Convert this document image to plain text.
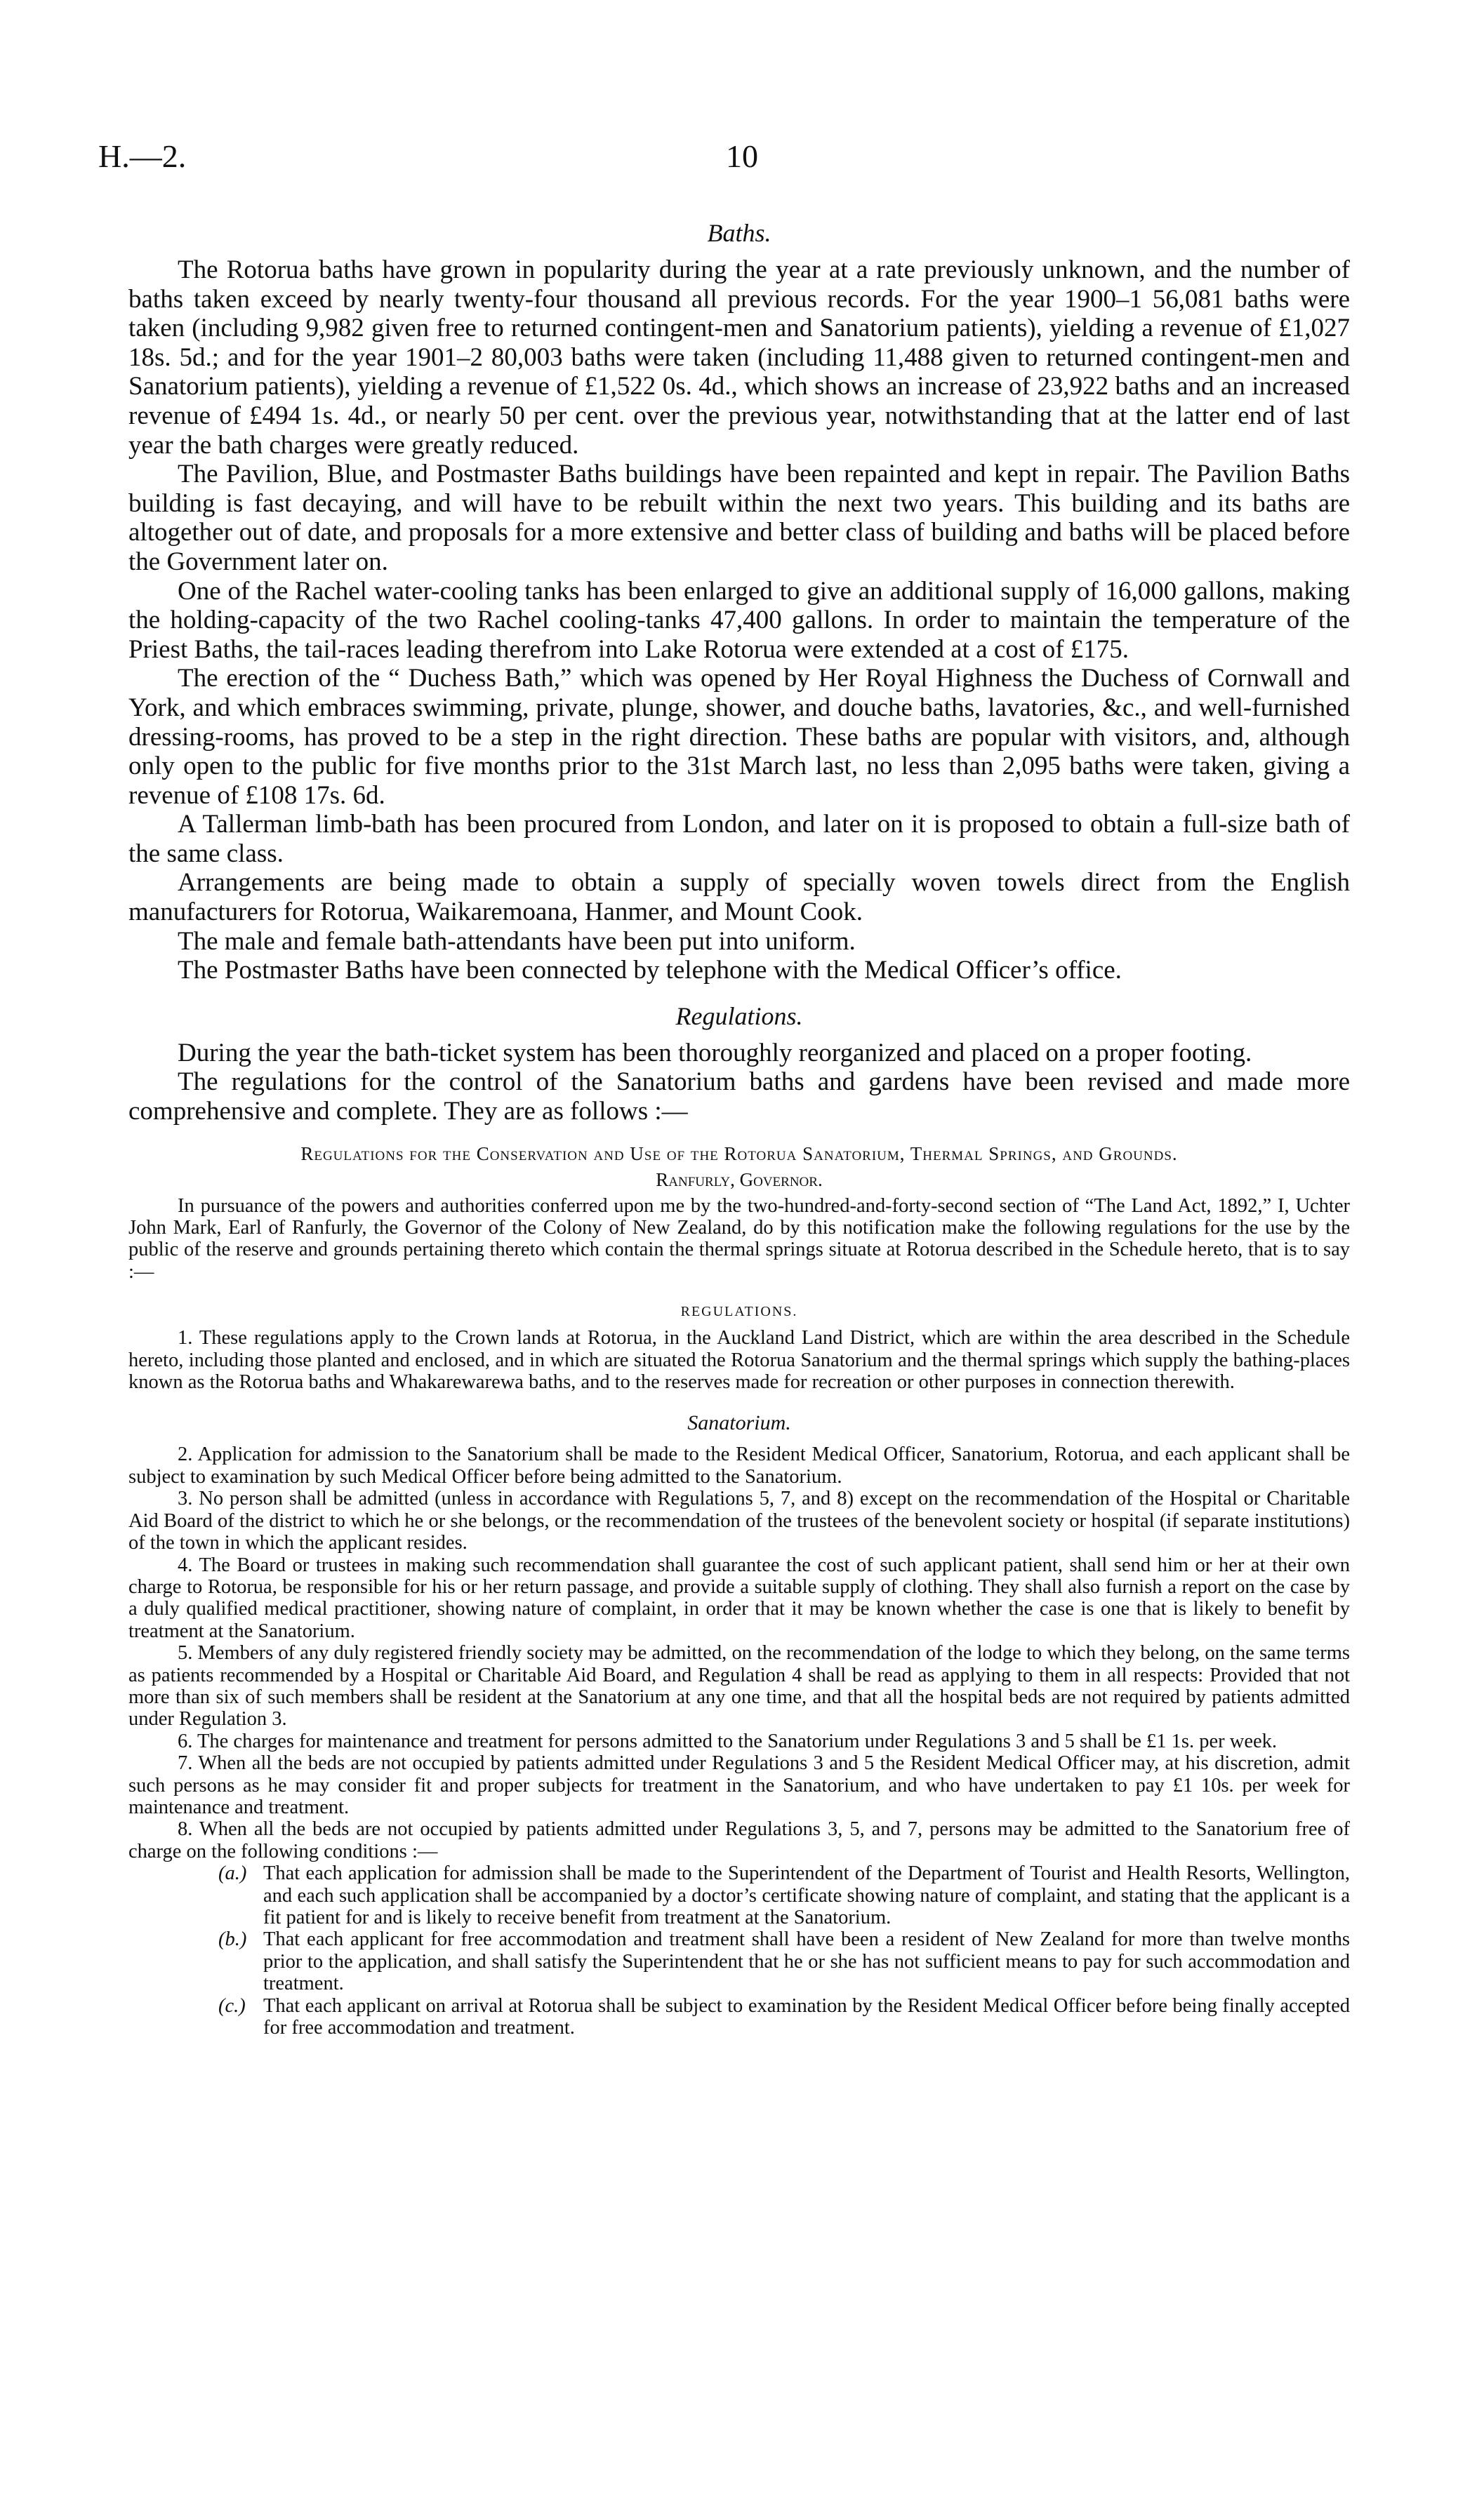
H.—2.	10
Baths.

The Rotorua baths have grown in popularity during the year at a rate previously unknown, and the number of baths taken exceed by nearly twenty-four thousand all previous records. For the year 1900–1 56,081 baths were taken (including 9,982 given free to returned contingent-men and Sanatorium patients), yielding a revenue of £1,027 18s. 5d.; and for the year 1901–2 80,003 baths were taken (including 11,488 given to returned contingent-men and Sanatorium patients), yielding a revenue of £1,522 0s. 4d., which shows an increase of 23,922 baths and an increased revenue of £494 1s. 4d., or nearly 50 per cent. over the previous year, notwithstanding that at the latter end of last year the bath charges were greatly reduced.

The Pavilion, Blue, and Postmaster Baths buildings have been repainted and kept in repair. The Pavilion Baths building is fast decaying, and will have to be rebuilt within the next two years. This building and its baths are altogether out of date, and proposals for a more extensive and better class of building and baths will be placed before the Government later on.

One of the Rachel water-cooling tanks has been enlarged to give an additional supply of 16,000 gallons, making the holding-capacity of the two Rachel cooling-tanks 47,400 gallons. In order to maintain the temperature of the Priest Baths, the tail-races leading therefrom into Lake Rotorua were extended at a cost of £175.

The erection of the “ Duchess Bath,” which was opened by Her Royal Highness the Duchess of Cornwall and York, and which embraces swimming, private, plunge, shower, and douche baths, lavatories, &c., and well-furnished dressing-rooms, has proved to be a step in the right direction. These baths are popular with visitors, and, although only open to the public for five months prior to the 31st March last, no less than 2,095 baths were taken, giving a revenue of £108 17s. 6d.

A Tallerman limb-bath has been procured from London, and later on it is proposed to obtain a full-size bath of the same class.

Arrangements are being made to obtain a supply of specially woven towels direct from the English manufacturers for Rotorua, Waikaremoana, Hanmer, and Mount Cook.

The male and female bath-attendants have been put into uniform.

The Postmaster Baths have been connected by telephone with the Medical Officer’s office.

Regulations.

During the year the bath-ticket system has been thoroughly reorganized and placed on a proper footing.

The regulations for the control of the Sanatorium baths and gardens have been revised and made more comprehensive and complete. They are as follows :—

Regulations for the Conservation and Use of the Rotorua Sanatorium, Thermal Springs, and Grounds.
Ranfurly, Governor.

In pursuance of the powers and authorities conferred upon me by the two-hundred-and-forty-second section of “The Land Act, 1892,” I, Uchter John Mark, Earl of Ranfurly, the Governor of the Colony of New Zealand, do by this notification make the following regulations for the use by the public of the reserve and grounds pertaining thereto which contain the thermal springs situate at Rotorua described in the Schedule hereto, that is to say :—

REGULATIONS.

1. These regulations apply to the Crown lands at Rotorua, in the Auckland Land District, which are within the area described in the Schedule hereto, including those planted and enclosed, and in which are situated the Rotorua Sanatorium and the thermal springs which supply the bathing-places known as the Rotorua baths and Whakarewarewa baths, and to the reserves made for recreation or other purposes in connection therewith.

Sanatorium.

2. Application for admission to the Sanatorium shall be made to the Resident Medical Officer, Sanatorium, Rotorua, and each applicant shall be subject to examination by such Medical Officer before being admitted to the Sanatorium.

3. No person shall be admitted (unless in accordance with Regulations 5, 7, and 8) except on the recommendation of the Hospital or Charitable Aid Board of the district to which he or she belongs, or the recommendation of the trustees of the benevolent society or hospital (if separate institutions) of the town in which the applicant resides.

4. The Board or trustees in making such recommendation shall guarantee the cost of such applicant patient, shall send him or her at their own charge to Rotorua, be responsible for his or her return passage, and provide a suitable supply of clothing. They shall also furnish a report on the case by a duly qualified medical practitioner, showing nature of complaint, in order that it may be known whether the case is one that is likely to benefit by treatment at the Sanatorium.

5. Members of any duly registered friendly society may be admitted, on the recommendation of the lodge to which they belong, on the same terms as patients recommended by a Hospital or Charitable Aid Board, and Regulation 4 shall be read as applying to them in all respects: Provided that not more than six of such members shall be resident at the Sanatorium at any one time, and that all the hospital beds are not required by patients admitted under Regulation 3.

6. The charges for maintenance and treatment for persons admitted to the Sanatorium under Regulations 3 and 5 shall be £1 1s. per week.

7. When all the beds are not occupied by patients admitted under Regulations 3 and 5 the Resident Medical Officer may, at his discretion, admit such persons as he may consider fit and proper subjects for treatment in the Sanatorium, and who have undertaken to pay £1 10s. per week for maintenance and treatment.

8. When all the beds are not occupied by patients admitted under Regulations 3, 5, and 7, persons may be admitted to the Sanatorium free of charge on the following conditions :—

(a.) That each application for admission shall be made to the Superintendent of the Department of Tourist and Health Resorts, Wellington, and each such application shall be accompanied by a doctor’s certificate showing nature of complaint, and stating that the applicant is a fit patient for and is likely to receive benefit from treatment at the Sanatorium.

(b.) That each applicant for free accommodation and treatment shall have been a resident of New Zealand for more than twelve months prior to the application, and shall satisfy the Superintendent that he or she has not sufficient means to pay for such accommodation and treatment.

(c.) That each applicant on arrival at Rotorua shall be subject to examination by the Resident Medical Officer before being finally accepted for free accommodation and treatment.
